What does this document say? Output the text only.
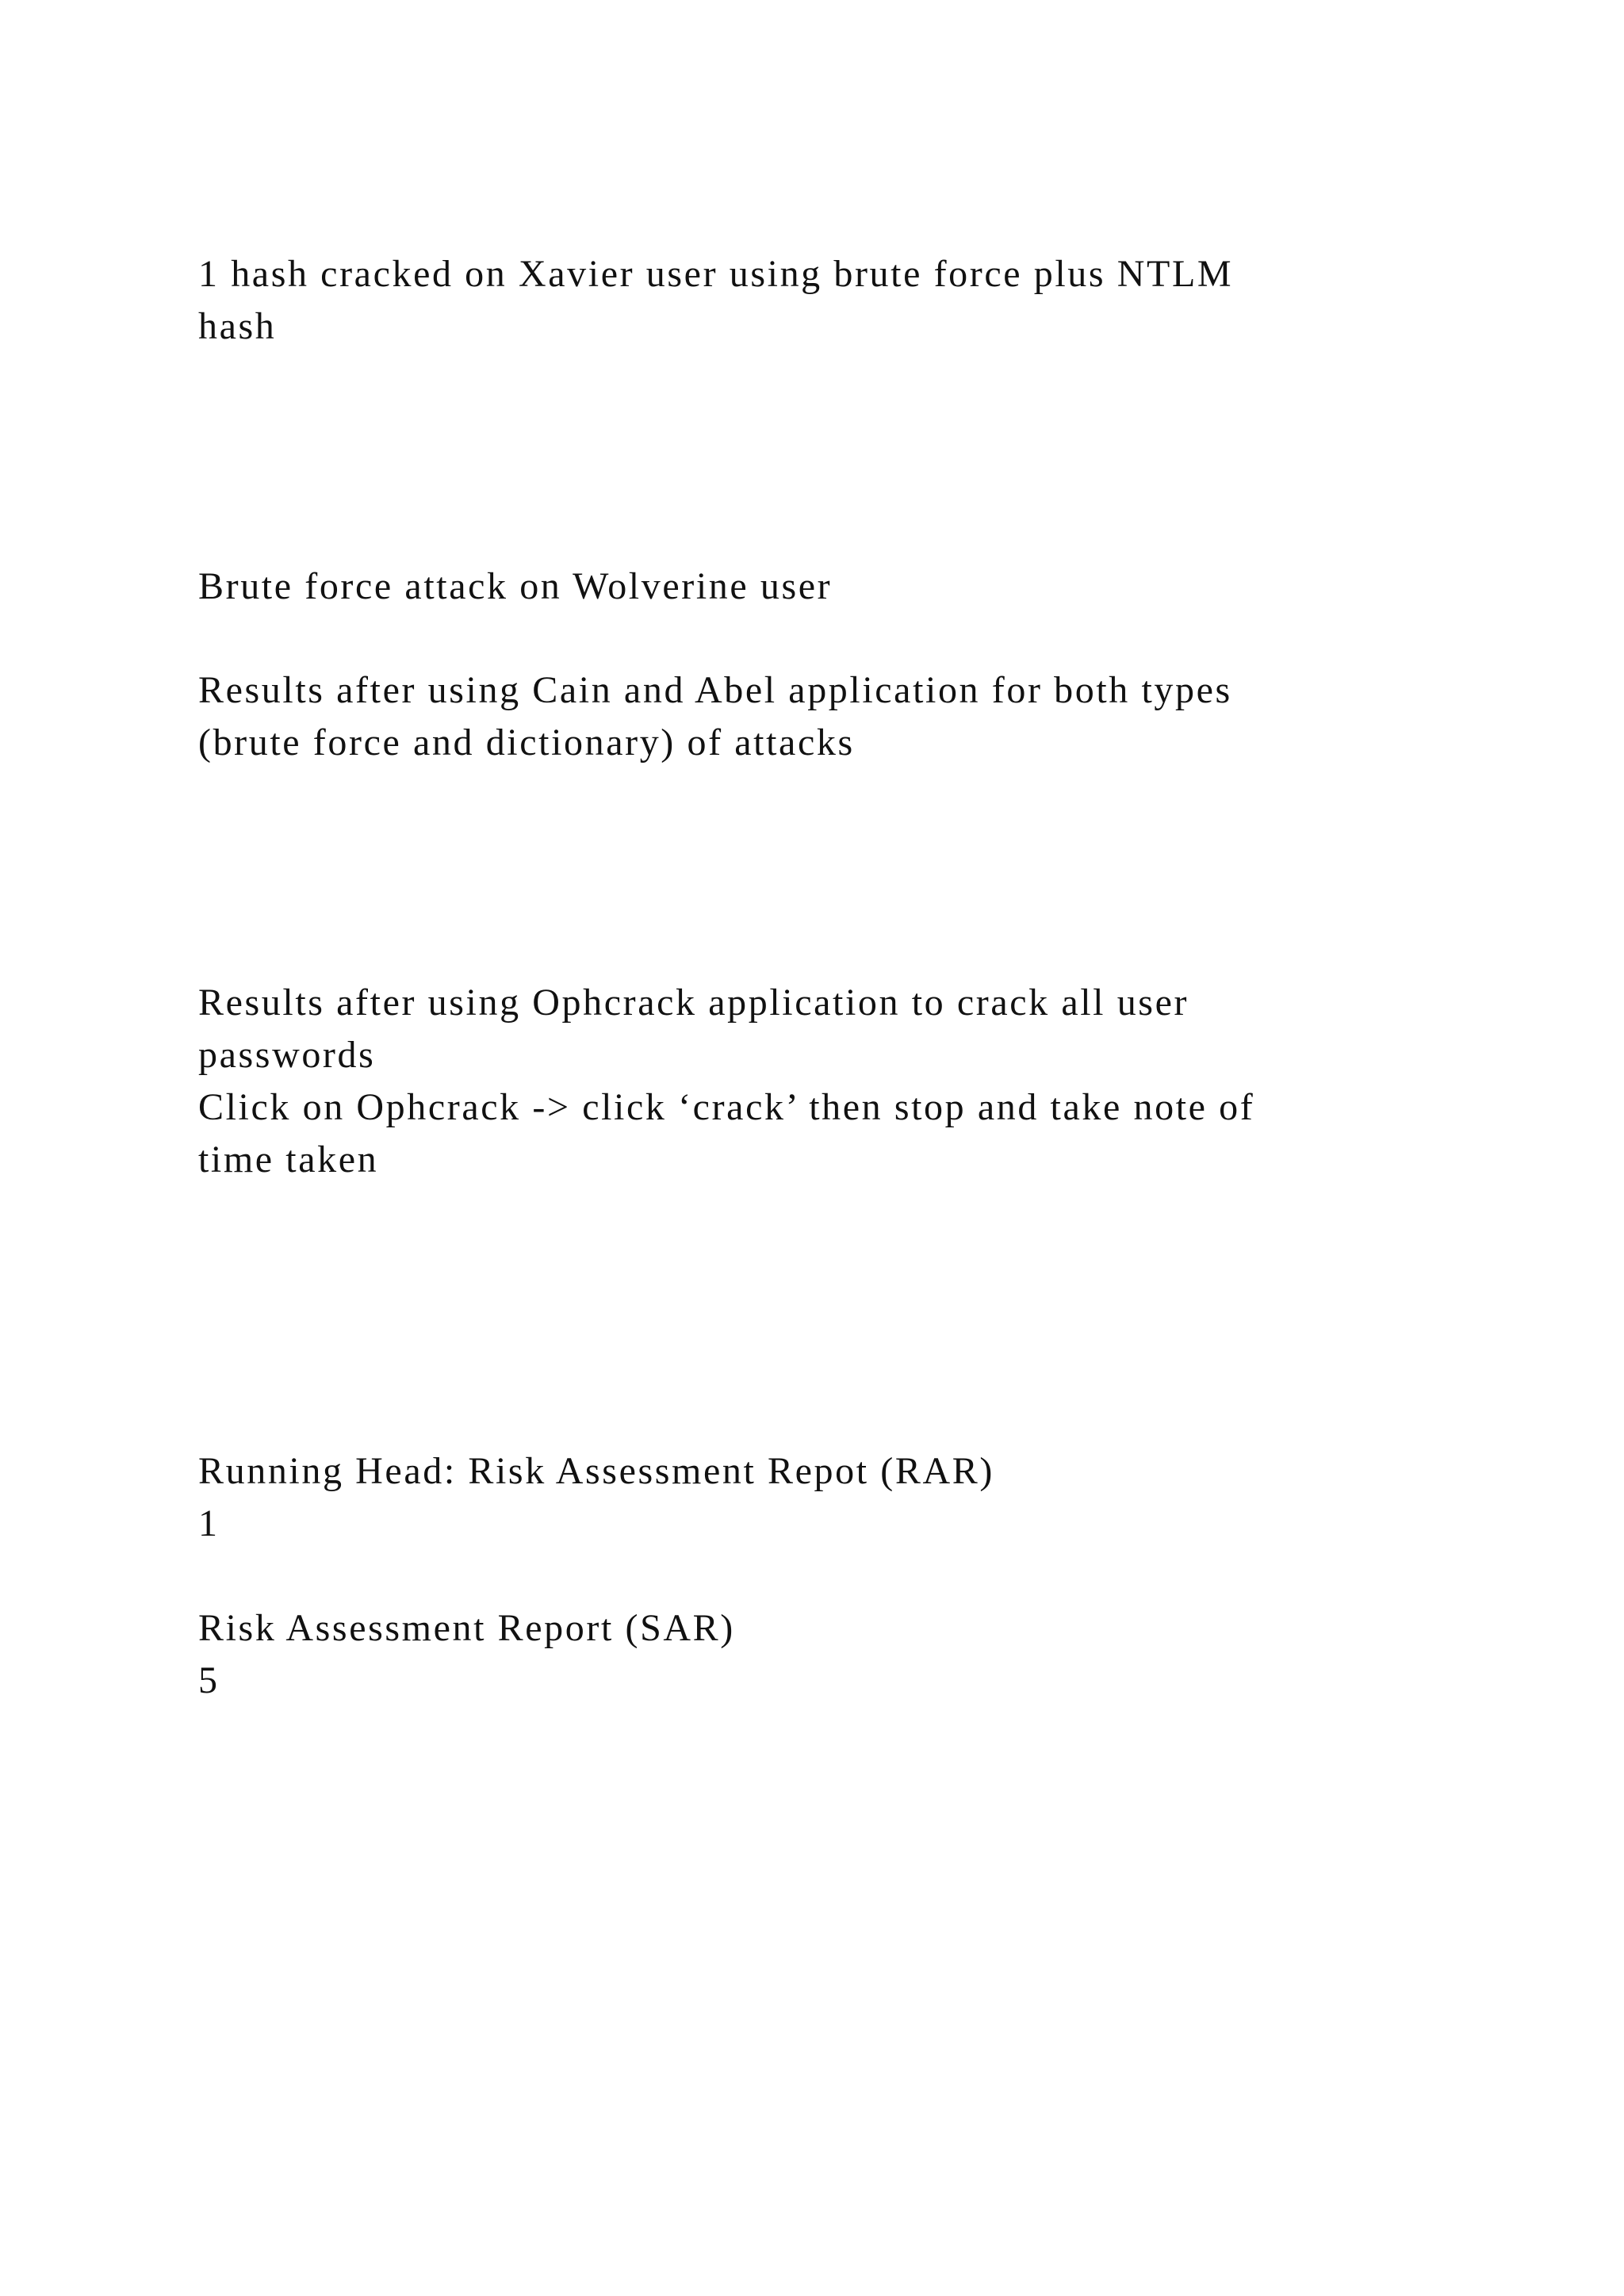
1 hash cracked on Xavier user using brute force plus NTLM
hash

Brute force attack on Wolverine user

Results after using Cain and Abel application for both types
(brute force and dictionary) of attacks

Results after using Ophcrack application to crack all user
passwords
Click on Ophcrack -> click ‘crack’ then stop and take note of
time taken

Running Head: Risk Assessment Repot (RAR)
1

Risk Assessment Report (SAR)
5
